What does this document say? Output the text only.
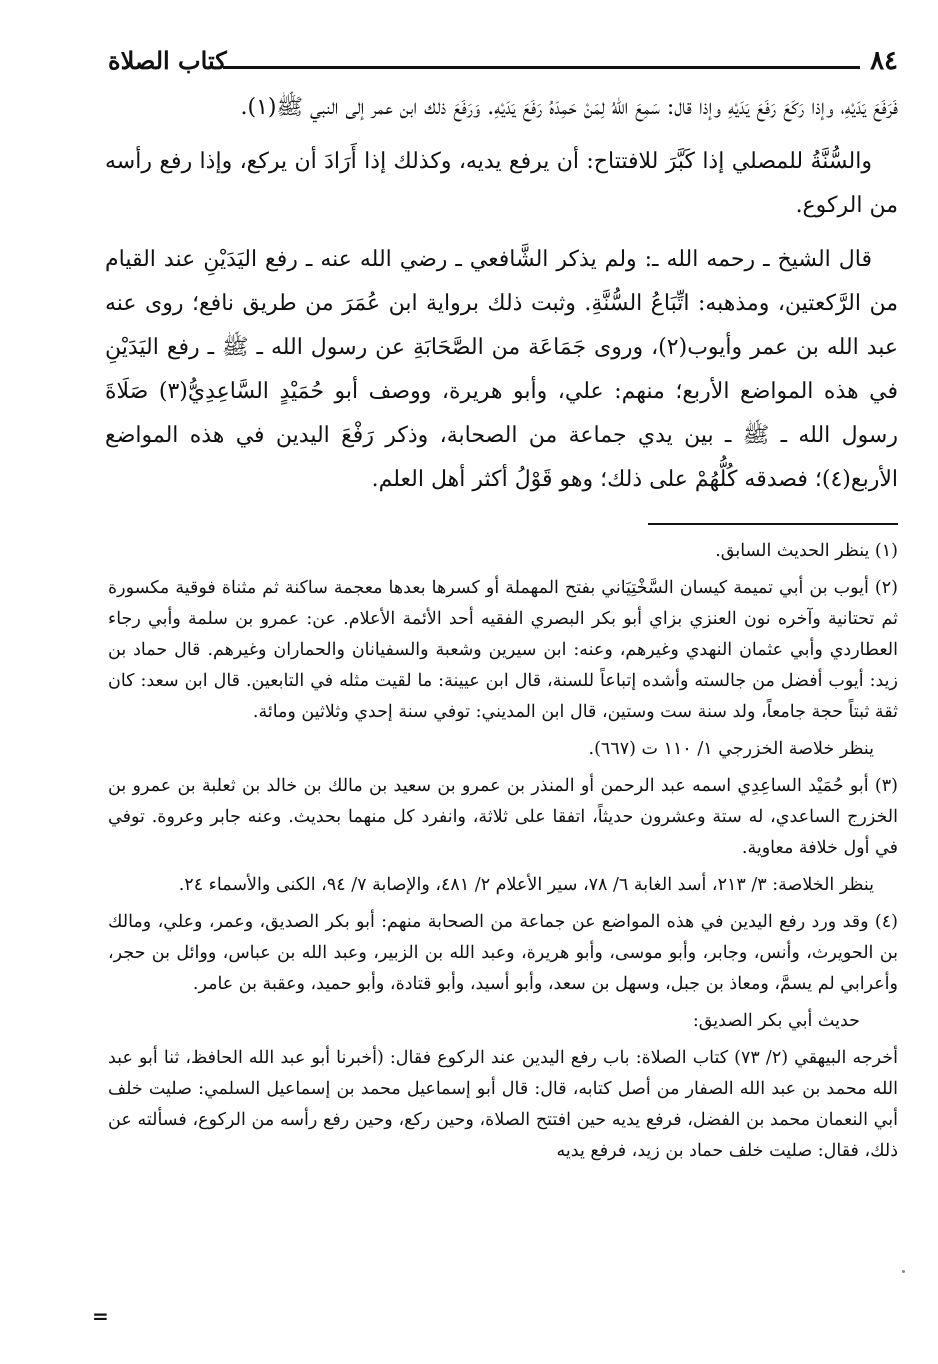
٨٤
كتاب الصلاة

فَرَفَعَ يَدَيْهِ، وإذا رَكَعَ رَفَعَ يَدَيْهِ وإذا قال: سَمِعَ اللّٰهُ لِمَنْ حَمِدَهُ رَفَعَ يَدَيْهِ. وَرَفَعَ ذلك ابن عمر إلى النبي ﷺ(١).

والسُّنَّةُ للمصلي إذا كَبَّرَ للافتتاح: أن يرفع يديه، وكذلك إذا أَرَادَ أن يركع، وإذا رفع رأسه من الركوع.

قال الشيخ ـ رحمه الله ـ: ولم يذكر الشَّافعي ـ رضي الله عنه ـ رفع اليَدَيْنِ عند القيام من الرَّكعتين، ومذهبه: اتِّبَاعُ السُّنَّةِ. وثبت ذلك برواية ابن عُمَرَ من طريق نافع؛ روى عنه عبد الله بن عمر وأيوب(٢)، وروى جَمَاعَة من الصَّحَابَةِ عن رسول الله ـ ﷺ ـ رفع اليَدَيْنِ في هذه المواضع الأربع؛ منهم: علي، وأبو هريرة، ووصف أبو حُمَيْدٍ السَّاعِدِيُّ(٣) صَلَاةَ رسول الله ـ ﷺ ـ بين يدي جماعة من الصحابة، وذكر رَفْعَ اليدين في هذه المواضع الأربع(٤)؛ فصدقه كُلُّهُمْ على ذلك؛ وهو قَوْلُ أكثر أهل العلم.

(١) ينظر الحديث السابق.

(٢) أيوب بن أبي تميمة كيسان السَّخْتِيَاني بفتح المهملة أو كسرها بعدها معجمة ساكنة ثم مثناة فوقية مكسورة ثم تحتانية وآخره نون العنزي بزاي أبو بكر البصري الفقيه أحد الأئمة الأعلام. عن: عمرو بن سلمة وأبي رجاء العطاردي وأبي عثمان النهدي وغيرهم، وعنه: ابن سيرين وشعبة والسفيانان والحماران وغيرهم. قال حماد بن زيد: أيوب أفضل من جالسته وأشده إتباعاً للسنة، قال ابن عيينة: ما لقيت مثله في التابعين. قال ابن سعد: كان ثقة ثبتاً حجة جامعاً، ولد سنة ست وستين، قال ابن المديني: توفي سنة إحدي وثلاثين ومائة.

ينظر خلاصة الخزرجي ١/ ١١٠ ت (٦٦٧).

(٣) أبو حُمَيْد الساعِدِي اسمه عبد الرحمن أو المنذر بن عمرو بن سعيد بن مالك بن خالد بن ثعلبة بن عمرو بن الخزرج الساعدي، له ستة وعشرون حديثاً، اتفقا على ثلاثة، وانفرد كل منهما بحديث. وعنه جابر وعروة. توفي في أول خلافة معاوية.

ينظر الخلاصة: ٣/ ٢١٣، أسد الغابة ٦/ ٧٨، سير الأعلام ٢/ ٤٨١، والإصابة ٧/ ٩٤، الكنى والأسماء ٢٤.

(٤) وقد ورد رفع اليدين في هذه المواضع عن جماعة من الصحابة منهم: أبو بكر الصديق، وعمر، وعلي، ومالك بن الحويرث، وأنس، وجابر، وأبو موسى، وأبو هريرة، وعبد الله بن الزبير، وعبد الله بن عباس، ووائل بن حجر، وأعرابي لم يسمَّ، ومعاذ بن جبل، وسهل بن سعد، وأبو أسيد، وأبو قتادة، وأبو حميد، وعقبة بن عامر.

حديث أبي بكر الصديق:

أخرجه البيهقي (٢/ ٧٣) كتاب الصلاة: باب رفع اليدين عند الركوع فقال: (أخبرنا أبو عبد الله الحافظ، ثنا أبو عبد الله محمد بن عبد الله الصفار من أصل كتابه، قال: قال أبو إسماعيل محمد بن إسماعيل السلمي: صليت خلف أبي النعمان محمد بن الفضل، فرفع يديه حين افتتح الصلاة، وحين ركع، وحين رفع رأسه من الركوع، فسألته عن ذلك، فقال: صليت خلف حماد بن زيد، فرفع يديه

=
